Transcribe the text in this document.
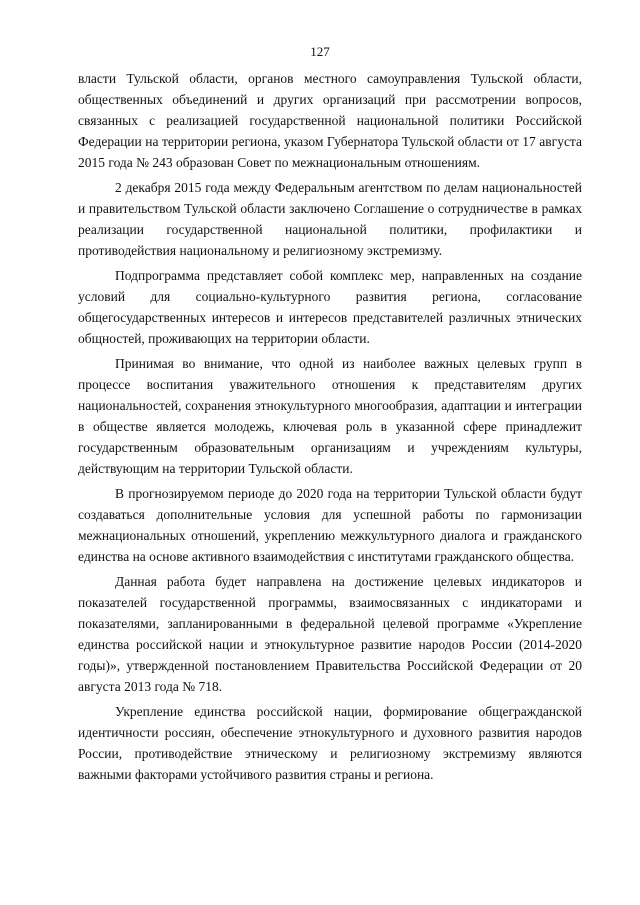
127

власти Тульской области, органов местного самоуправления Тульской области, общественных объединений и других организаций при рассмотрении вопросов, связанных с реализацией государственной национальной политики Российской Федерации на территории региона, указом Губернатора Тульской области от 17 августа 2015 года № 243 образован Совет по межнациональным отношениям.

2 декабря 2015 года между Федеральным агентством по делам национальностей и правительством Тульской области заключено Соглашение о сотрудничестве в рамках реализации государственной национальной политики, профилактики и противодействия национальному и религиозному экстремизму.

Подпрограмма представляет собой комплекс мер, направленных на создание условий для социально-культурного развития региона, согласование общегосударственных интересов и интересов представителей различных этнических общностей, проживающих на территории области.

Принимая во внимание, что одной из наиболее важных целевых групп в процессе воспитания уважительного отношения к представителям других национальностей, сохранения этнокультурного многообразия, адаптации и интеграции в обществе является молодежь, ключевая роль в указанной сфере принадлежит государственным образовательным организациям и учреждениям культуры, действующим на территории Тульской области.

В прогнозируемом периоде до 2020 года на территории Тульской области будут создаваться дополнительные условия для успешной работы по гармонизации межнациональных отношений, укреплению межкультурного диалога и гражданского единства на основе активного взаимодействия с институтами гражданского общества.

Данная работа будет направлена на достижение целевых индикаторов и показателей государственной программы, взаимосвязанных с индикаторами и показателями, запланированными в федеральной целевой программе «Укрепление единства российской нации и этнокультурное развитие народов России (2014-2020 годы)», утвержденной постановлением Правительства Российской Федерации от 20 августа 2013 года № 718.

Укрепление единства российской нации, формирование общегражданской идентичности россиян, обеспечение этнокультурного и духовного развития народов России, противодействие этническому и религиозному экстремизму являются важными факторами устойчивого развития страны и региона.
